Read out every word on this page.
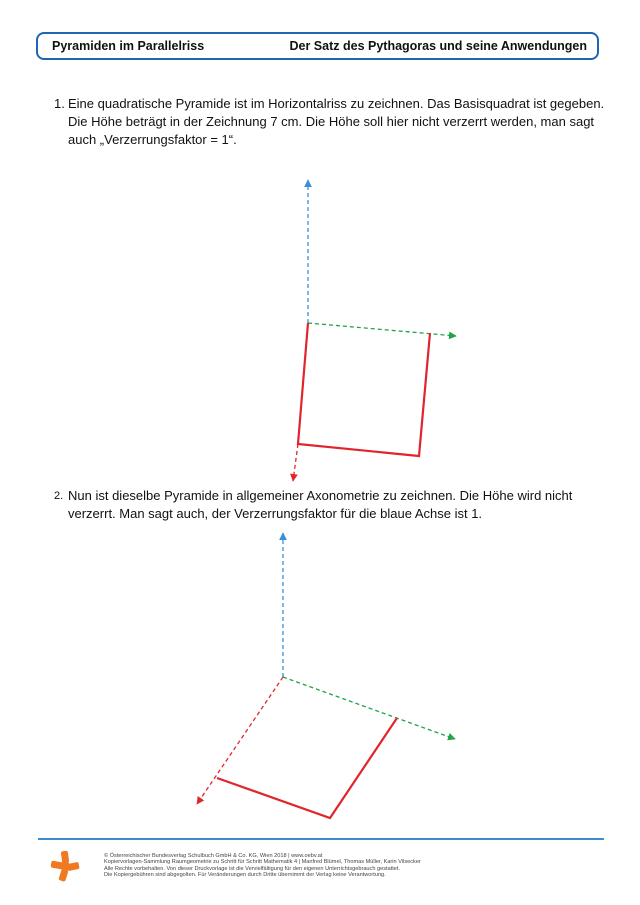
Pyramiden im Parallelriss	Der Satz des Pythagoras und seine Anwendungen
1. Eine quadratische Pyramide ist im Horizontalriss zu zeichnen. Das Basisquadrat ist gegeben.
Die Höhe beträgt in der Zeichnung 7 cm. Die Höhe soll hier nicht verzerrt werden, man sagt
auch „Verzerrungsfaktor = 1“.
2. Nun ist dieselbe Pyramide in allgemeiner Axonometrie zu zeichnen. Die Höhe wird nicht
verzerrt. Man sagt auch, der Verzerrungsfaktor für die blaue Achse ist 1.
© Österreichischer Bundesverlag Schulbuch GmbH & Co. KG, Wien 2018 | www.oebv.at
Kopiervorlagen-Sammlung Raumgeometrie zu Schritt für Schritt Mathematik 4 | Manfred Blümel, Thomas Müller, Karin Vilsecker
Alle Rechte vorbehalten. Von dieser Druckvorlage ist die Vervielfältigung für den eigenen Unterrichtsgebrauch gestattet.
Die Kopiergebühren sind abgegolten. Für Veränderungen durch Dritte übernimmt der Verlag keine Verantwortung.
